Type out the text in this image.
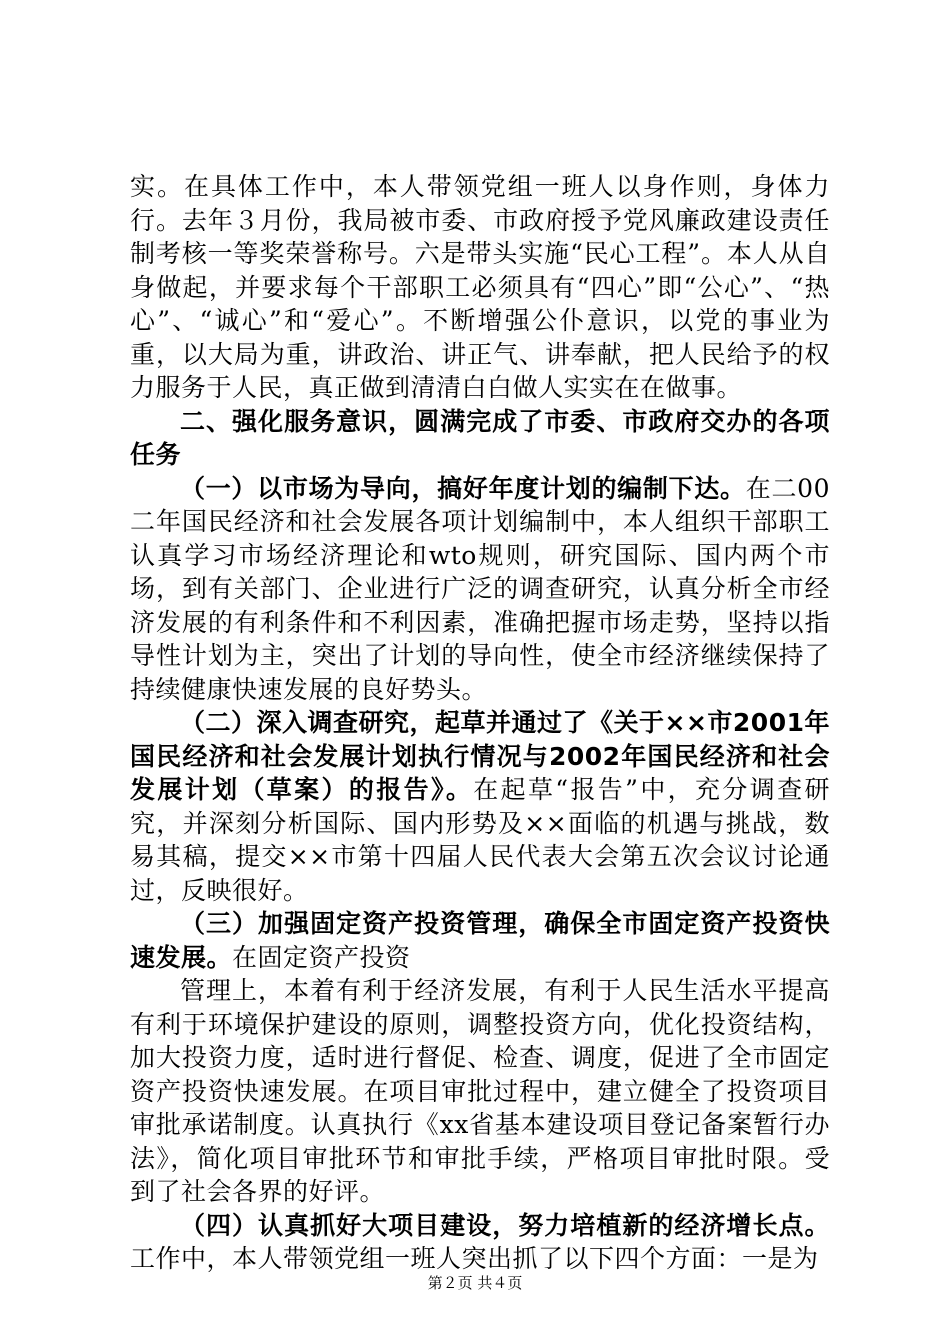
实。在具体工作中，本人带领党组一班人以身作则，身体力行。去年３月份，我局被市委、市政府授予党风廉政建设责任制考核一等奖荣誉称号。六是带头实施“民心工程”。本人从自身做起，并要求每个干部职工必须具有“四心”即“公心”、“热心”、“诚心”和“爱心”。不断增强公仆意识，以党的事业为重，以大局为重，讲政治、讲正气、讲奉献，把人民给予的权力服务于人民，真正做到清清白白做人实实在在做事。

二、强化服务意识，圆满完成了市委、市政府交办的各项任务

（一）以市场为导向，搞好年度计划的编制下达。在二00二年国民经济和社会发展各项计划编制中，本人组织干部职工认真学习市场经济理论和wto规则，研究国际、国内两个市场，到有关部门、企业进行广泛的调查研究，认真分析全市经济发展的有利条件和不利因素，准确把握市场走势，坚持以指导性计划为主，突出了计划的导向性，使全市经济继续保持了持续健康快速发展的良好势头。

（二）深入调查研究，起草并通过了《关于××市2001年国民经济和社会发展计划执行情况与2002年国民经济和社会发展计划（草案）的报告》。在起草“报告”中，充分调查研究，并深刻分析国际、国内形势及××面临的机遇与挑战，数易其稿，提交××市第十四届人民代表大会第五次会议讨论通过，反映很好。

（三）加强固定资产投资管理，确保全市固定资产投资快速发展。在固定资产投资

管理上，本着有利于经济发展，有利于人民生活水平提高有利于环境保护建设的原则，调整投资方向，优化投资结构，加大投资力度，适时进行督促、检查、调度，促进了全市固定资产投资快速发展。在项目审批过程中，建立健全了投资项目审批承诺制度。认真执行《xx省基本建设项目登记备案暂行办法》，简化项目审批环节和审批手续，严格项目审批时限。受到了社会各界的好评。

（四）认真抓好大项目建设，努力培植新的经济增长点。工作中，本人带领党组一班人突出抓了以下四个方面：一是为

第２页 共４页
